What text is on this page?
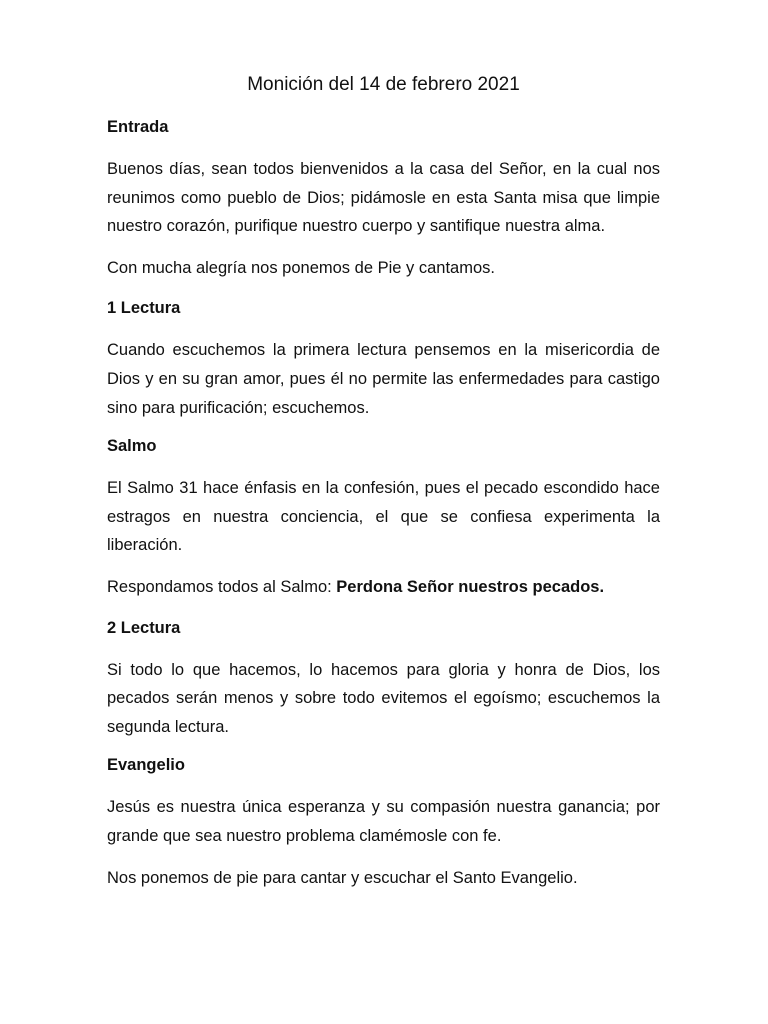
Monición del 14 de febrero 2021
Entrada

Buenos días, sean todos bienvenidos a la casa del Señor, en la cual nos reunimos como pueblo de Dios; pidámosle en esta Santa misa que limpie nuestro corazón, purifique nuestro cuerpo y santifique nuestra alma.

Con mucha alegría nos ponemos de Pie y cantamos.

1 Lectura

Cuando escuchemos la primera lectura pensemos en la misericordia de Dios y en su gran amor, pues él no permite las enfermedades para castigo sino para purificación; escuchemos.

Salmo

El Salmo 31 hace énfasis en la confesión, pues el pecado escondido hace estragos en nuestra conciencia, el que se confiesa experimenta la liberación.

Respondamos todos al Salmo: Perdona Señor nuestros pecados.

2 Lectura

Si todo lo que hacemos, lo hacemos para gloria y honra de Dios, los pecados serán menos y sobre todo evitemos el egoísmo; escuchemos la segunda lectura.

Evangelio

Jesús es nuestra única esperanza y su compasión nuestra ganancia; por grande que sea nuestro problema clamémosle con fe.

Nos ponemos de pie para cantar y escuchar el Santo Evangelio.
